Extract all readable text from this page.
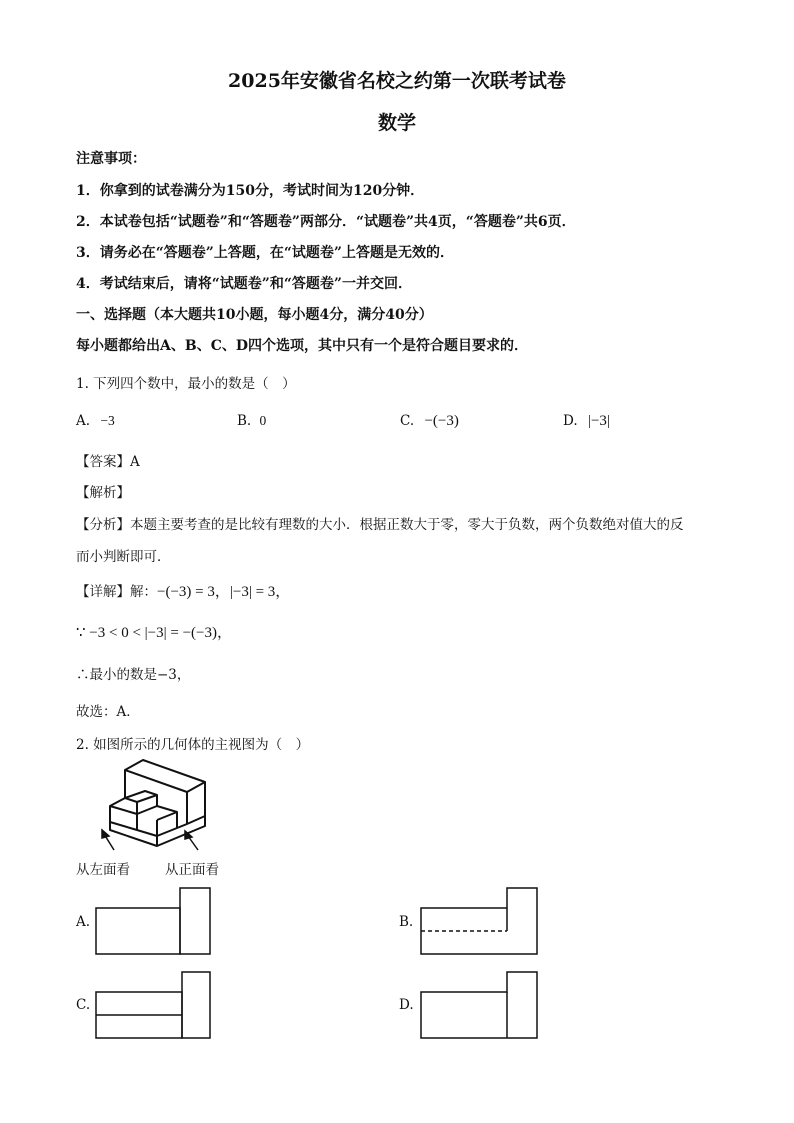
2025年安徽省名校之约第一次联考试卷
数学
注意事项：
1．你拿到的试卷满分为150分，考试时间为120分钟．
2．本试卷包括“试题卷”和“答题卷”两部分．“试题卷”共4页，“答题卷”共6页．
3．请务必在“答题卷”上答题，在“试题卷”上答题是无效的．
4．考试结束后，请将“试题卷”和“答题卷”一并交回．
一、选择题（本大题共10小题，每小题4分，满分40分）
每小题都给出A、B、C、D四个选项，其中只有一个是符合题目要求的．
1. 下列四个数中，最小的数是（　）
A. −3	B. 0	C. −(−3)	D. |−3|
【答案】A
【解析】
【分析】本题主要考查的是比较有理数的大小．根据正数大于零，零大于负数，两个负数绝对值大的反
而小判断即可．
【详解】解：−(−3) = 3，|−3| = 3，
∵ −3 < 0 < |−3| = −(−3)，
∴最小的数是−3，
故选：A．
2. 如图所示的几何体的主视图为（　）
从左面看	从正面看
A.	B.
C.	D.
